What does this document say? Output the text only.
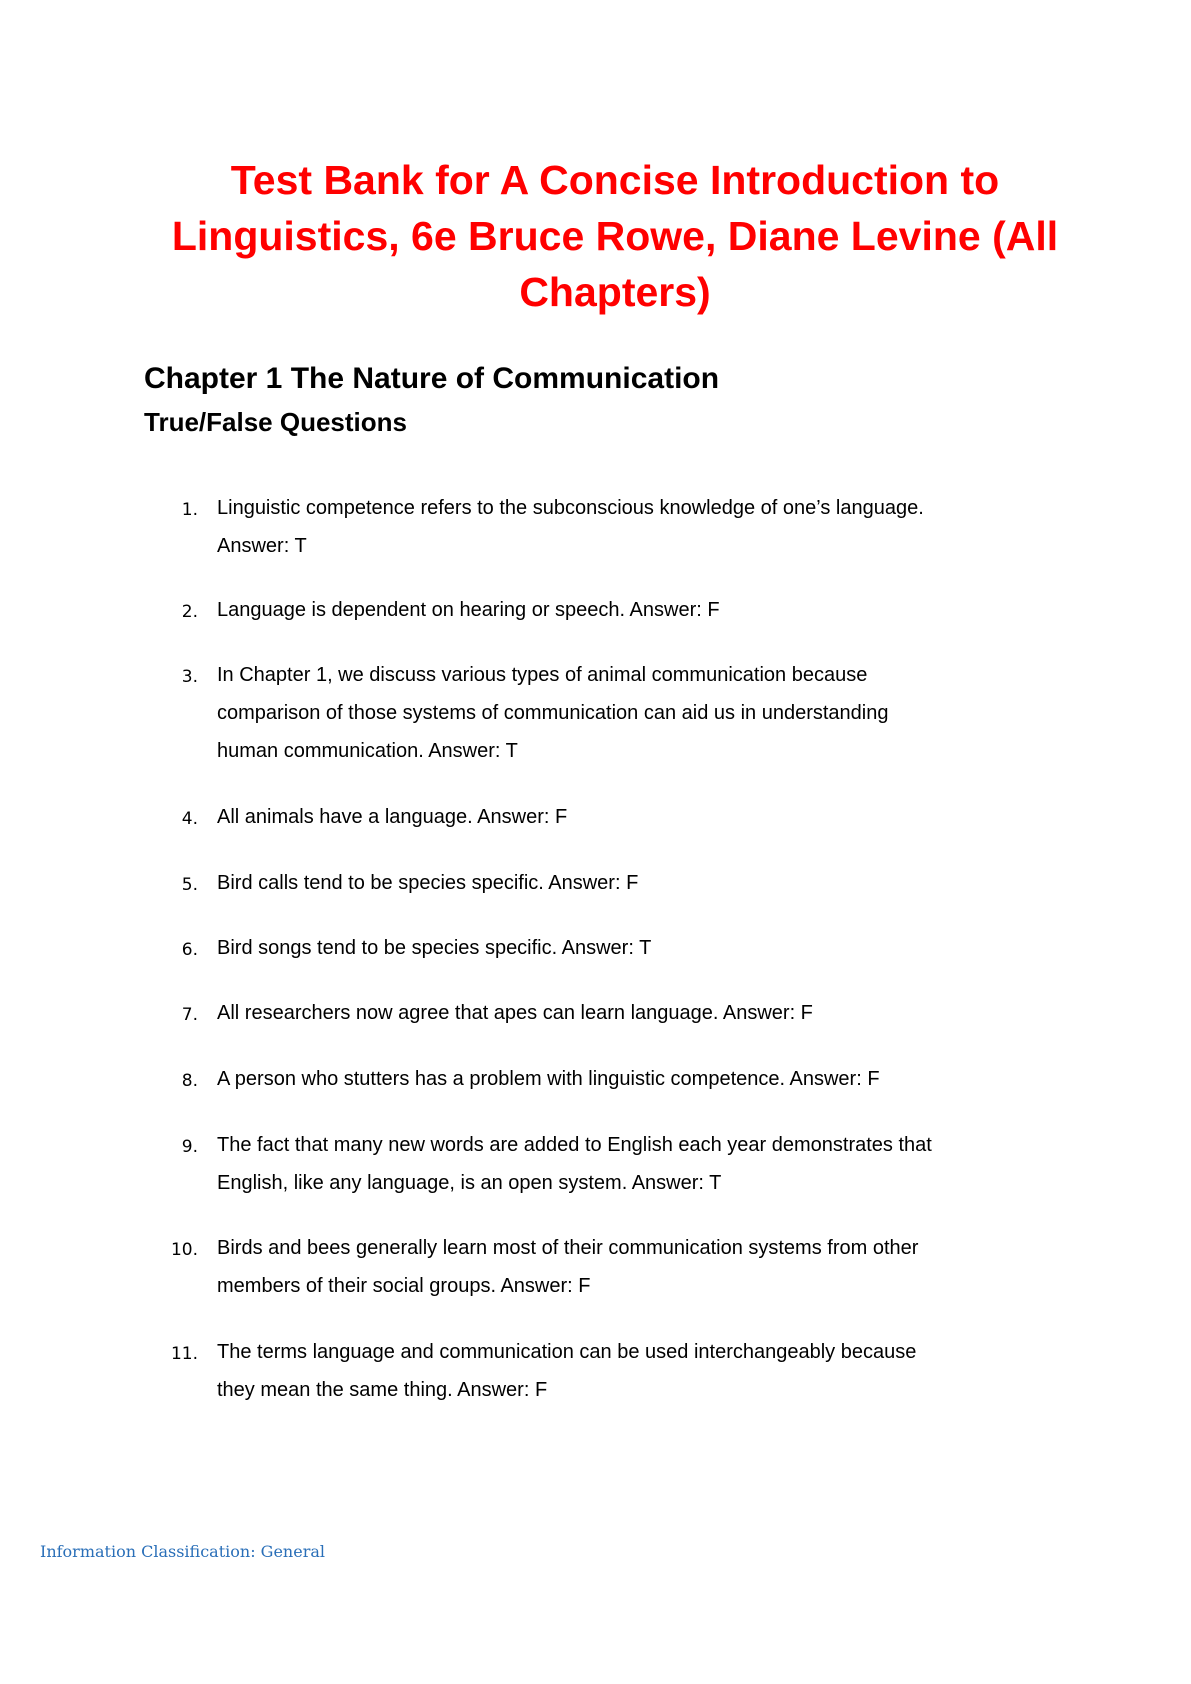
Test Bank for A Concise Introduction to Linguistics, 6e Bruce Rowe, Diane Levine (All Chapters)
Chapter 1 The Nature of Communication
True/False Questions
1. Linguistic competence refers to the subconscious knowledge of one’s language.
Answer: T
2. Language is dependent on hearing or speech. Answer: F
3. In Chapter 1, we discuss various types of animal communication because
comparison of those systems of communication can aid us in understanding
human communication. Answer: T
4. All animals have a language. Answer: F
5. Bird calls tend to be species specific. Answer: F
6. Bird songs tend to be species specific. Answer: T
7. All researchers now agree that apes can learn language. Answer: F
8. A person who stutters has a problem with linguistic competence. Answer: F
9. The fact that many new words are added to English each year demonstrates that
English, like any language, is an open system. Answer: T
10. Birds and bees generally learn most of their communication systems from other
members of their social groups. Answer: F
11. The terms language and communication can be used interchangeably because
they mean the same thing. Answer: F
Information Classification: General
